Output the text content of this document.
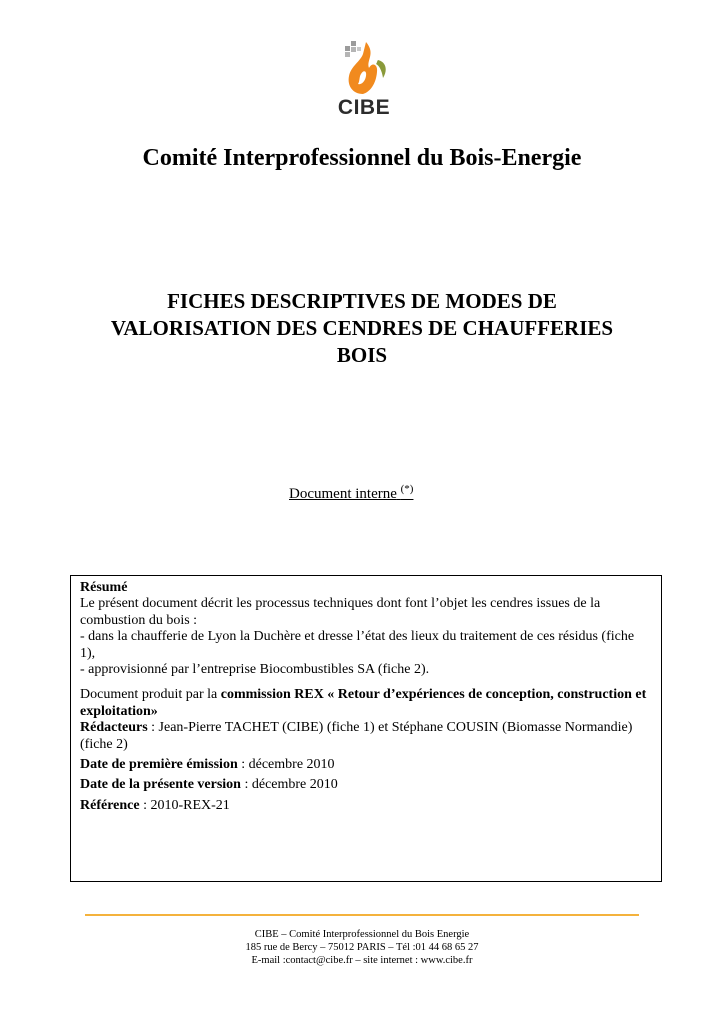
CIBE
Comité Interprofessionnel du Bois-Energie
FICHES DESCRIPTIVES DE MODES DE
VALORISATION DES CENDRES DE CHAUFFERIES
BOIS
Document interne (*)

Résumé

Le présent document décrit les processus techniques dont font l’objet les cendres issues de la combustion du bois :

- dans la chaufferie de Lyon la Duchère et dresse l’état des lieux du traitement de ces résidus (fiche 1),

- approvisionné par l’entreprise Biocombustibles SA (fiche 2).

Document produit par la commission REX « Retour d’expériences de conception, construction et exploitation»

Rédacteurs : Jean-Pierre TACHET (CIBE) (fiche 1) et Stéphane COUSIN (Biomasse Normandie) (fiche 2)

Date de première émission : décembre 2010

Date de la présente version : décembre 2010

Référence : 2010-REX-21

CIBE – Comité Interprofessionnel du Bois Energie
185 rue de Bercy – 75012 PARIS – Tél :01 44 68 65 27
E-mail :contact@cibe.fr – site internet : www.cibe.fr
